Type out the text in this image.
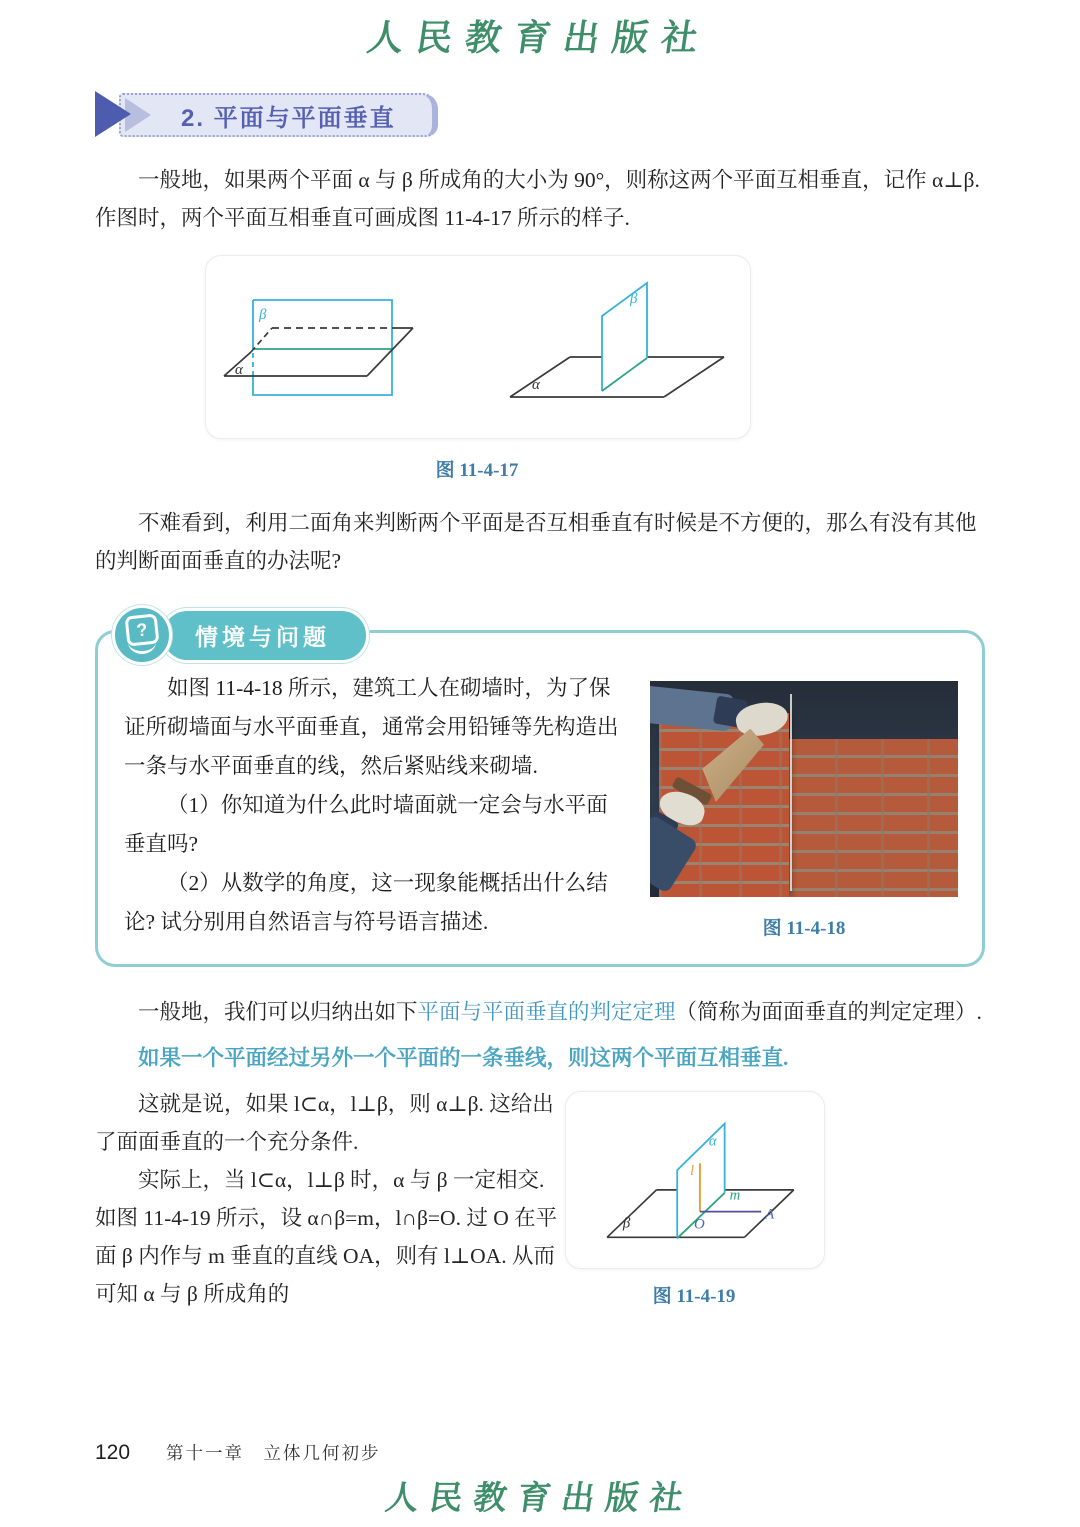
人民教育出版社
2. 平面与平面垂直

一般地，如果两个平面 α 与 β 所成角的大小为 90°，则称这两个平面互相垂直，记作 α⊥β. 作图时，两个平面互相垂直可画成图 11-4-17 所示的样子.

β
α
β
α
图 11-4-17

不难看到，利用二面角来判断两个平面是否互相垂直有时候是不方便的，那么有没有其他的判断面面垂直的办法呢?

?	情境与问题

如图 11-4-18 所示，建筑工人在砌墙时，为了保证所砌墙面与水平面垂直，通常会用铅锤等先构造出一条与水平面垂直的线，然后紧贴线来砌墙.

（1）你知道为什么此时墙面就一定会与水平面垂直吗?

（2）从数学的角度，这一现象能概括出什么结论? 试分别用自然语言与符号语言描述.	图 11-4-18

一般地，我们可以归纳出如下平面与平面垂直的判定定理（简称为面面垂直的判定定理）.

如果一个平面经过另外一个平面的一条垂线，则这两个平面互相垂直.

α
β
l
m
O
A
图 11-4-19

这就是说，如果 l⊂α，l⊥β，则 α⊥β. 这给出了面面垂直的一个充分条件.

实际上，当 l⊂α，l⊥β 时，α 与 β 一定相交. 如图 11-4-19 所示，设 α∩β=m，l∩β=O. 过 O 在平面 β 内作与 m 垂直的直线 OA，则有 l⊥OA. 从而可知 α 与 β 所成角的

120 第十一章　立体几何初步
人民教育出版社
